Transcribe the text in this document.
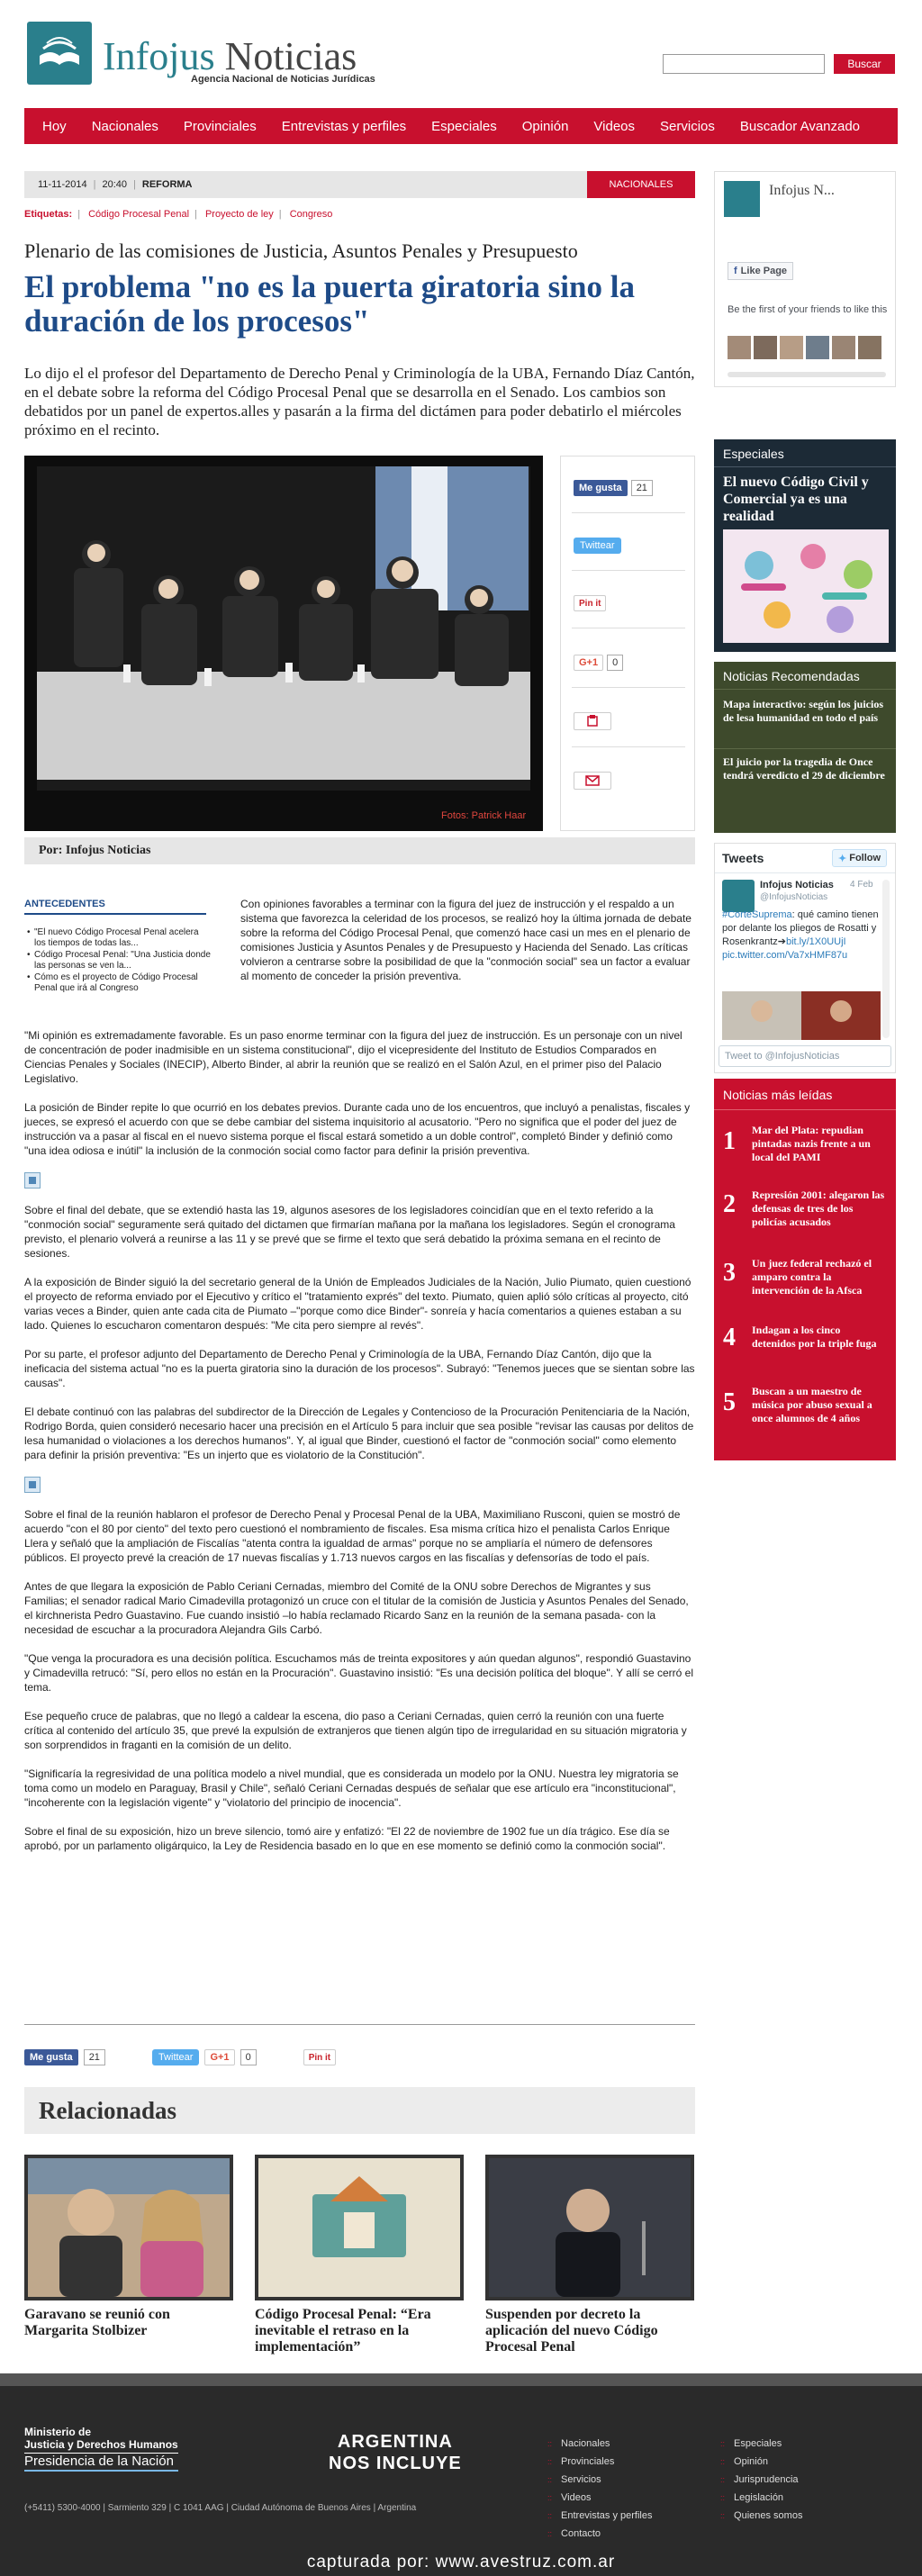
Infojus Noticias
Agencia Nacional de Noticias Jurídicas
Buscar
Hoy	Nacionales	Provinciales	Entrevistas y perfiles	Especiales	Opinión	Videos	Servicios	Buscador Avanzado
11-11-2014 | 20:40 | REFORMA	NACIONALES
Etiquetas: | Código Procesal Penal | Proyecto de ley | Congreso
Plenario de las comisiones de Justicia, Asuntos Penales y Presupuesto
El problema "no es la puerta giratoria sino la duración de los procesos"
Lo dijo el el profesor del Departamento de Derecho Penal y Criminología de la UBA, Fernando Díaz Cantón, en el debate sobre la reforma del Código Procesal Penal que se desarrolla en el Senado. Los cambios son debatidos por un panel de expertos.alles y pasarán a la firma del dictámen para poder debatirlo el miércoles próximo en el recinto.
Fotos: Patrick Haar
Me gusta	21
Twittear
Pin it
G+1	0
Por: Infojus Noticias
ANTECEDENTES
• "El nuevo Código Procesal Penal acelera los tiempos de todas las...
• Código Procesal Penal: "Una Justicia donde las personas se ven la...
• Cómo es el proyecto de Código Procesal Penal que irá al Congreso
Con opiniones favorables a terminar con la figura del juez de instrucción y el respaldo a un sistema que favorezca la celeridad de los procesos, se realizó hoy la última jornada de debate sobre la reforma del Código Procesal Penal, que comenzó hace casi un mes en el plenario de comisiones Justicia y Asuntos Penales y de Presupuesto y Hacienda del Senado. Las críticas volvieron a centrarse sobre la posibilidad de que la "conmoción social" sea un factor a evaluar al momento de conceder la prisión preventiva.

"Mi opinión es extremadamente favorable. Es un paso enorme terminar con la figura del juez de instrucción. Es un personaje con un nivel de concentración de poder inadmisible en un sistema constitucional", dijo el vicepresidente del Instituto de Estudios Comparados en Ciencias Penales y Sociales (INECIP), Alberto Binder, al abrir la reunión que se realizó en el Salón Azul, en el primer piso del Palacio Legislativo.

La posición de Binder repite lo que ocurrió en los debates previos. Durante cada uno de los encuentros, que incluyó a penalistas, fiscales y jueces, se expresó el acuerdo con que se debe cambiar del sistema inquisitorio al acusatorio. "Pero no significa que el poder del juez de instrucción va a pasar al fiscal en el nuevo sistema porque el fiscal estará sometido a un doble control", completó Binder y definió como "una idea odiosa e inútil" la inclusión de la conmoción social como factor para definir la prisión preventiva.

Sobre el final del debate, que se extendió hasta las 19, algunos asesores de los legisladores coincidían que en el texto referido a la "conmoción social" seguramente será quitado del dictamen que firmarían mañana por la mañana los legisladores. Según el cronograma previsto, el plenario volverá a reunirse a las 11 y se prevé que se firme el texto que será debatido la próxima semana en el recinto de sesiones.

A la exposición de Binder siguió la del secretario general de la Unión de Empleados Judiciales de la Nación, Julio Piumato, quien cuestionó el proyecto de reforma enviado por el Ejecutivo y crítico el "tratamiento exprés" del texto. Piumato, quien aplió sólo críticas al proyecto, citó varias veces a Binder, quien ante cada cita de Piumato –"porque como dice Binder"- sonreía y hacía comentarios a quienes estaban a su lado. Quienes lo escucharon comentaron después: "Me cita pero siempre al revés".

Por su parte, el profesor adjunto del Departamento de Derecho Penal y Criminología de la UBA, Fernando Díaz Cantón, dijo que la ineficacia del sistema actual "no es la puerta giratoria sino la duración de los procesos". Subrayó: "Tenemos jueces que se sientan sobre las causas".

El debate continuó con las palabras del subdirector de la Dirección de Legales y Contencioso de la Procuración Penitenciaria de la Nación, Rodrigo Borda, quien consideró necesario hacer una precisión en el Artículo 5 para incluir que sea posible "revisar las causas por delitos de lesa humanidad o violaciones a los derechos humanos". Y, al igual que Binder, cuestionó el factor de "conmoción social" como elemento para definir la prisión preventiva: "Es un injerto que es violatorio de la Constitución".

Sobre el final de la reunión hablaron el profesor de Derecho Penal y Procesal Penal de la UBA, Maximiliano Rusconi, quien se mostró de acuerdo "con el 80 por ciento" del texto pero cuestionó el nombramiento de fiscales. Esa misma crítica hizo el penalista Carlos Enrique Llera y señaló que la ampliación de Fiscalías "atenta contra la igualdad de armas" porque no se ampliaría el número de defensores públicos. El proyecto prevé la creación de 17 nuevas fiscalías y 1.713 nuevos cargos en las fiscalías y defensorías de todo el país.

Antes de que llegara la exposición de Pablo Ceriani Cernadas, miembro del Comité de la ONU sobre Derechos de Migrantes y sus Familias; el senador radical Mario Cimadevilla protagonizó un cruce con el titular de la comisión de Justicia y Asuntos Penales del Senado, el kirchnerista Pedro Guastavino. Fue cuando insistió –lo había reclamado Ricardo Sanz en la reunión de la semana pasada- con la necesidad de escuchar a la procuradora Alejandra Gils Carbó.

"Que venga la procuradora es una decisión política. Escuchamos más de treinta expositores y aún quedan algunos", respondió Guastavino y Cimadevilla retrucó: "Sí, pero ellos no están en la Procuración". Guastavino insistió: "Es una decisión política del bloque". Y allí se cerró el tema.

Ese pequeño cruce de palabras, que no llegó a caldear la escena, dio paso a Ceriani Cernadas, quien cerró la reunión con una fuerte crítica al contenido del artículo 35, que prevé la expulsión de extranjeros que tienen algún tipo de irregularidad en su situación migratoria y son sorprendidos in fraganti en la comisión de un delito.

"Significaría la regresividad de una política modelo a nivel mundial, que es considerada un modelo por la ONU. Nuestra ley migratoria se toma como un modelo en Paraguay, Brasil y Chile", señaló Ceriani Cernadas después de señalar que ese artículo era "inconstitucional", "incoherente con la legislación vigente" y "violatorio del principio de inocencia".

Sobre el final de su exposición, hizo un breve silencio, tomó aire y enfatizó: "El 22 de noviembre de 1902 fue un día trágico. Ese día se aprobó, por un parlamento oligárquico, la Ley de Residencia basado en lo que en ese momento se definió como la conmoción social".

Me gusta	21	Twittear	G+1	0	Pin it
Relacionadas
Garavano se reunió con Margarita Stolbizer
Código Procesal Penal: “Era inevitable el retraso en la implementación”
Suspenden por decreto la aplicación del nuevo Código Procesal Penal
Infojus N...
f Like Page
Be the first of your friends to like this
Especiales
El nuevo Código Civil y Comercial ya es una realidad
Noticias Recomendadas
Mapa interactivo: según los juicios de lesa humanidad en todo el país
El juicio por la tragedia de Once tendrá veredicto el 29 de diciembre
Tweets	✦ Follow
Infojus Noticias 4 Feb
@InfojusNoticias
#CorteSuprema: qué camino tienen por delante los pliegos de Rosatti y Rosenkrantz➔bit.ly/1X0UUjI pic.twitter.com/Va7xHMF87u
Tweet to @InfojusNoticias
Noticias más leídas
1 Mar del Plata: repudian pintadas nazis frente a un local del PAMI
2 Represión 2001: alegaron las defensas de tres de los policías acusados
3 Un juez federal rechazó el amparo contra la intervención de la Afsca
4 Indagan a los cinco detenidos por la triple fuga
5 Buscan a un maestro de música por abuso sexual a once alumnos de 4 años
Ministerio de
Justicia y Derechos Humanos
Presidencia de la Nación
ARGENTINA
NOS INCLUYE
(+5411) 5300-4000 | Sarmiento 329 | C 1041 AAG | Ciudad Autónoma de Buenos Aires | Argentina
:: Nacionales
:: Provinciales
:: Servicios
:: Videos
:: Entrevistas y perfiles
:: Contacto
:: Especiales
:: Opinión
:: Jurisprudencia
:: Legislación
:: Quienes somos
capturada por: www.avestruz.com.ar
